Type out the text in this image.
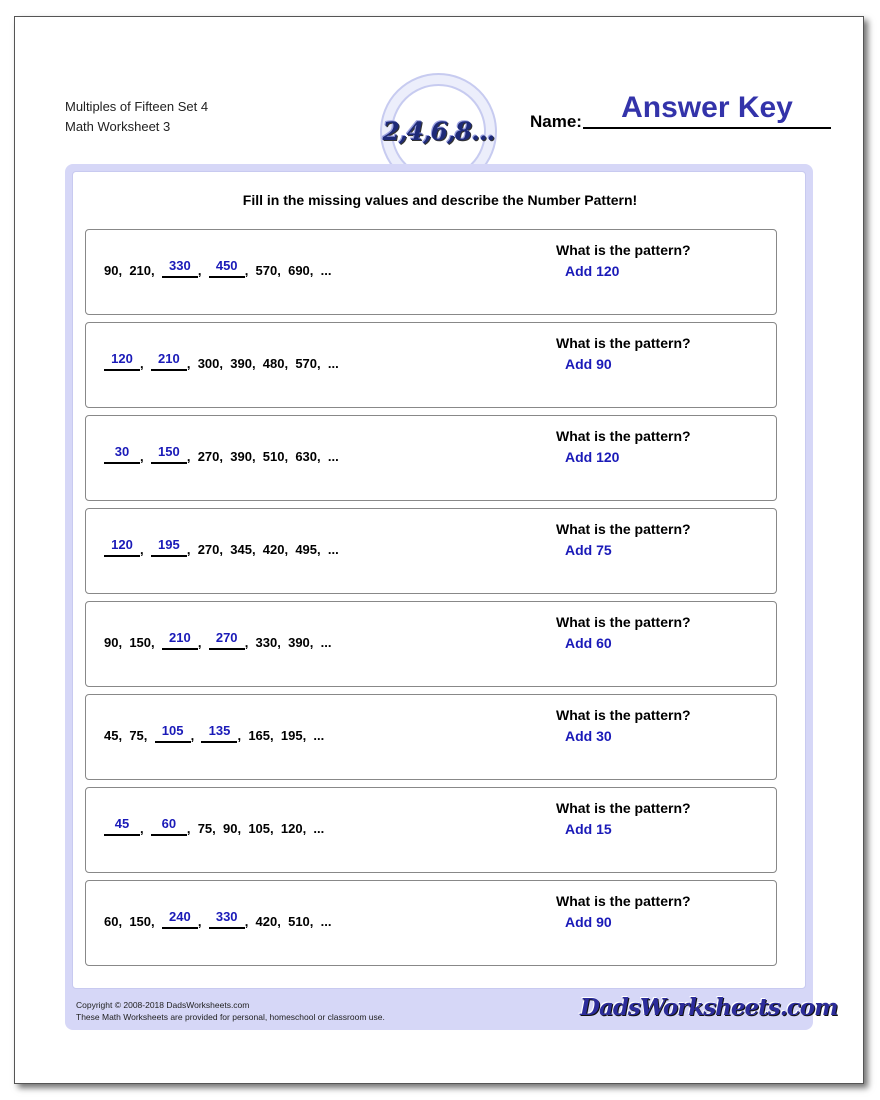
Multiples of Fifteen Set 4
Math Worksheet 3	2,4,6,8... Name:	Answer Key
Fill in the missing values and describe the Number Pattern!
90 , 210 , 330 , 450 , 570 , 690 , ...
What is the pattern?
Add 120
120 , 210 , 300 , 390 , 480 , 570 , ...
What is the pattern?
Add 90
30 , 150 , 270 , 390 , 510 , 630 , ...
What is the pattern?
Add 120
120 , 195 , 270 , 345 , 420 , 495 , ...
What is the pattern?
Add 75
90 , 150 , 210 , 270 , 330 , 390 , ...
What is the pattern?
Add 60
45 , 75 , 105 , 135 , 165 , 195 , ...
What is the pattern?
Add 30
45 , 60 , 75 , 90 , 105 , 120 , ...
What is the pattern?
Add 15
60 , 150 , 240 , 330 , 420 , 510 , ...
What is the pattern?
Add 90
Copyright © 2008-2018 DadsWorksheets.com
These Math Worksheets are provided for personal, homeschool or classroom use.	DadsWorksheets.com
